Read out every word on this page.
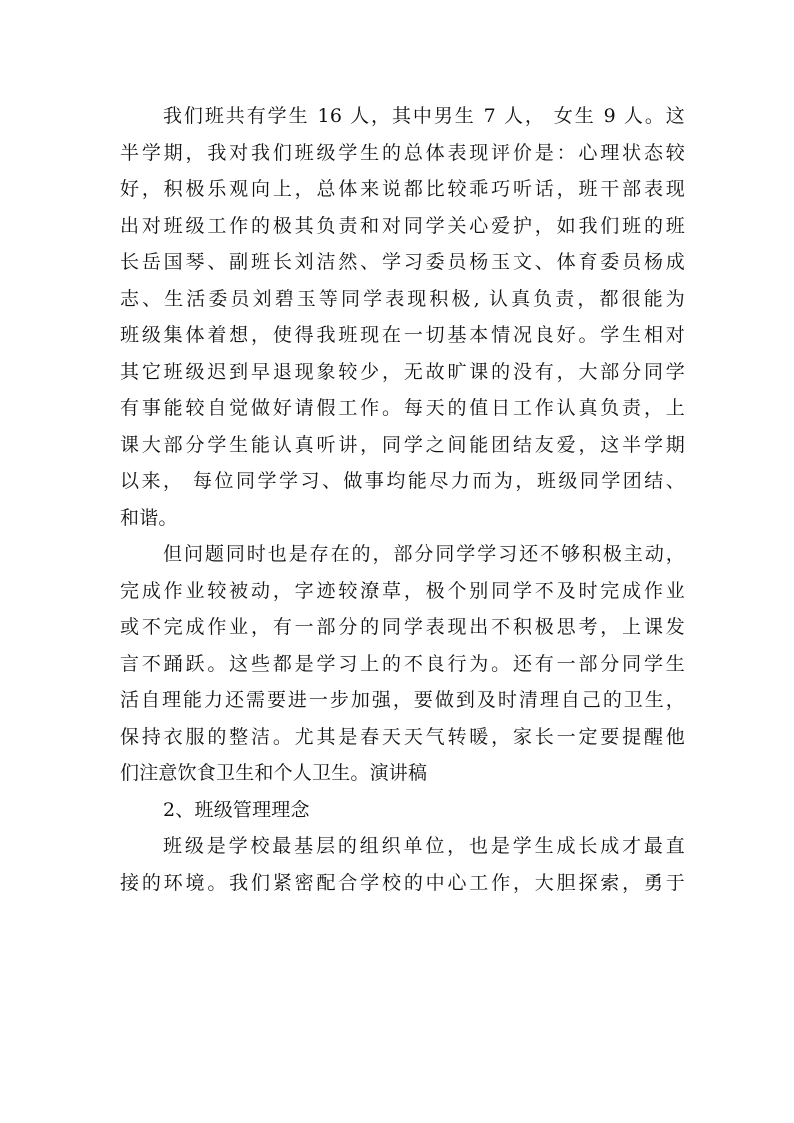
我们班共有学生 16 人，其中男生 7 人， 女生 9 人。这
半学期，我对我们班级学生的总体表现评价是：心理状态较
好，积极乐观向上，总体来说都比较乖巧听话，班干部表现
出对班级工作的极其负责和对同学关心爱护，如我们班的班
长岳国琴、副班长刘洁然、学习委员杨玉文、体育委员杨成
志、生活委员刘碧玉等同学表现积极, 认真负责，都很能为
班级集体着想，使得我班现在一切基本情况良好。学生相对
其它班级迟到早退现象较少，无故旷课的没有，大部分同学
有事能较自觉做好请假工作。每天的值日工作认真负责，上
课大部分学生能认真听讲，同学之间能团结友爱，这半学期
以来， 每位同学学习、做事均能尽力而为，班级同学团结、
和谐。
但问题同时也是存在的，部分同学学习还不够积极主动，
完成作业较被动，字迹较潦草，极个别同学不及时完成作业
或不完成作业，有一部分的同学表现出不积极思考，上课发
言不踊跃。这些都是学习上的不良行为。还有一部分同学生
活自理能力还需要进一步加强，要做到及时清理自己的卫生，
保持衣服的整洁。尤其是春天天气转暖，家长一定要提醒他
们注意饮食卫生和个人卫生。演讲稿
2、班级管理理念
班级是学校最基层的组织单位，也是学生成长成才最直
接的环境。我们紧密配合学校的中心工作，大胆探索，勇于
